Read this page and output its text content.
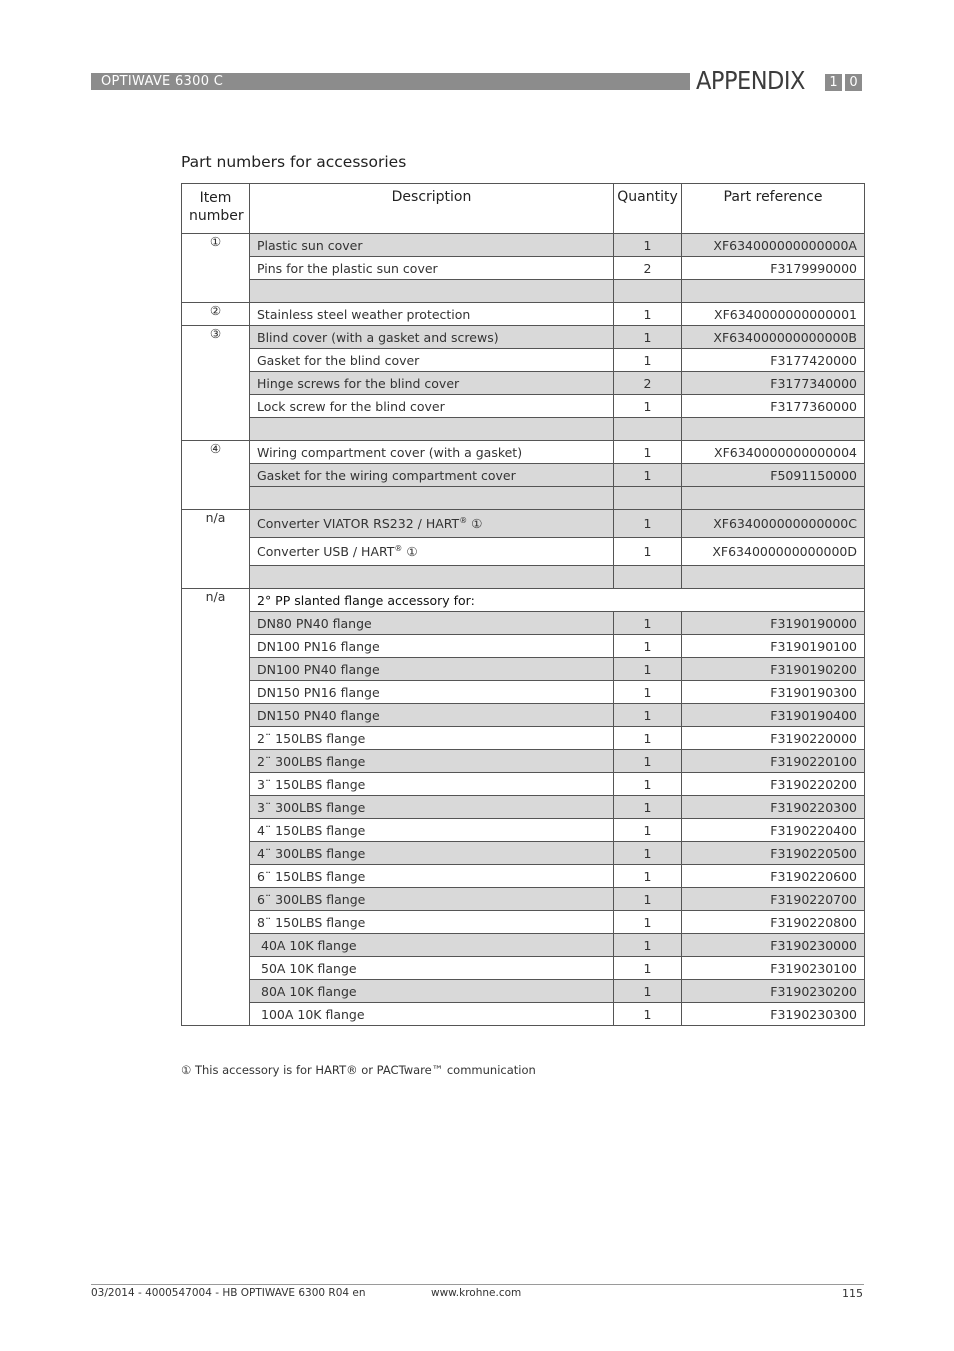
OPTIWAVE 6300 C	APPENDIX	1 0
Part numbers for accessories
Item
number	Description	Quantity	Part reference
①	Plastic sun cover	1	XF634000000000000A
	Pins for the plastic sun cover	2	F3179990000

②	Stainless steel weather protection	1	XF6340000000000001
③	Blind cover (with a gasket and screws)	1	XF634000000000000B
	Gasket for the blind cover	1	F3177420000
	Hinge screws for the blind cover	2	F3177340000
	Lock screw for the blind cover	1	F3177360000

④	Wiring compartment cover (with a gasket)	1	XF6340000000000004
	Gasket for the wiring compartment cover	1	F5091150000

n/a	Converter VIATOR RS232 / HART® ①	1	XF634000000000000C
	Converter USB / HART® ①	1	XF634000000000000D

n/a	2° PP slanted flange accessory for:		
	DN80 PN40 flange	1	F3190190000
	DN100 PN16 flange	1	F3190190100
	DN100 PN40 flange	1	F3190190200
	DN150 PN16 flange	1	F3190190300
	DN150 PN40 flange	1	F3190190400
	2¨ 150LBS flange	1	F3190220000
	2¨ 300LBS flange	1	F3190220100
	3¨ 150LBS flange	1	F3190220200
	3¨ 300LBS flange	1	F3190220300
	4¨ 150LBS flange	1	F3190220400
	4¨ 300LBS flange	1	F3190220500
	6¨ 150LBS flange	1	F3190220600
	6¨ 300LBS flange	1	F3190220700
	8¨ 150LBS flange	1	F3190220800
	40A 10K flange	1	F3190230000
	50A 10K flange	1	F3190230100
	80A 10K flange	1	F3190230200
	100A 10K flange	1	F3190230300
① This accessory is for HART® or PACTware™ communication
03/2014 - 4000547004 - HB OPTIWAVE 6300 R04 en	www.krohne.com	115
